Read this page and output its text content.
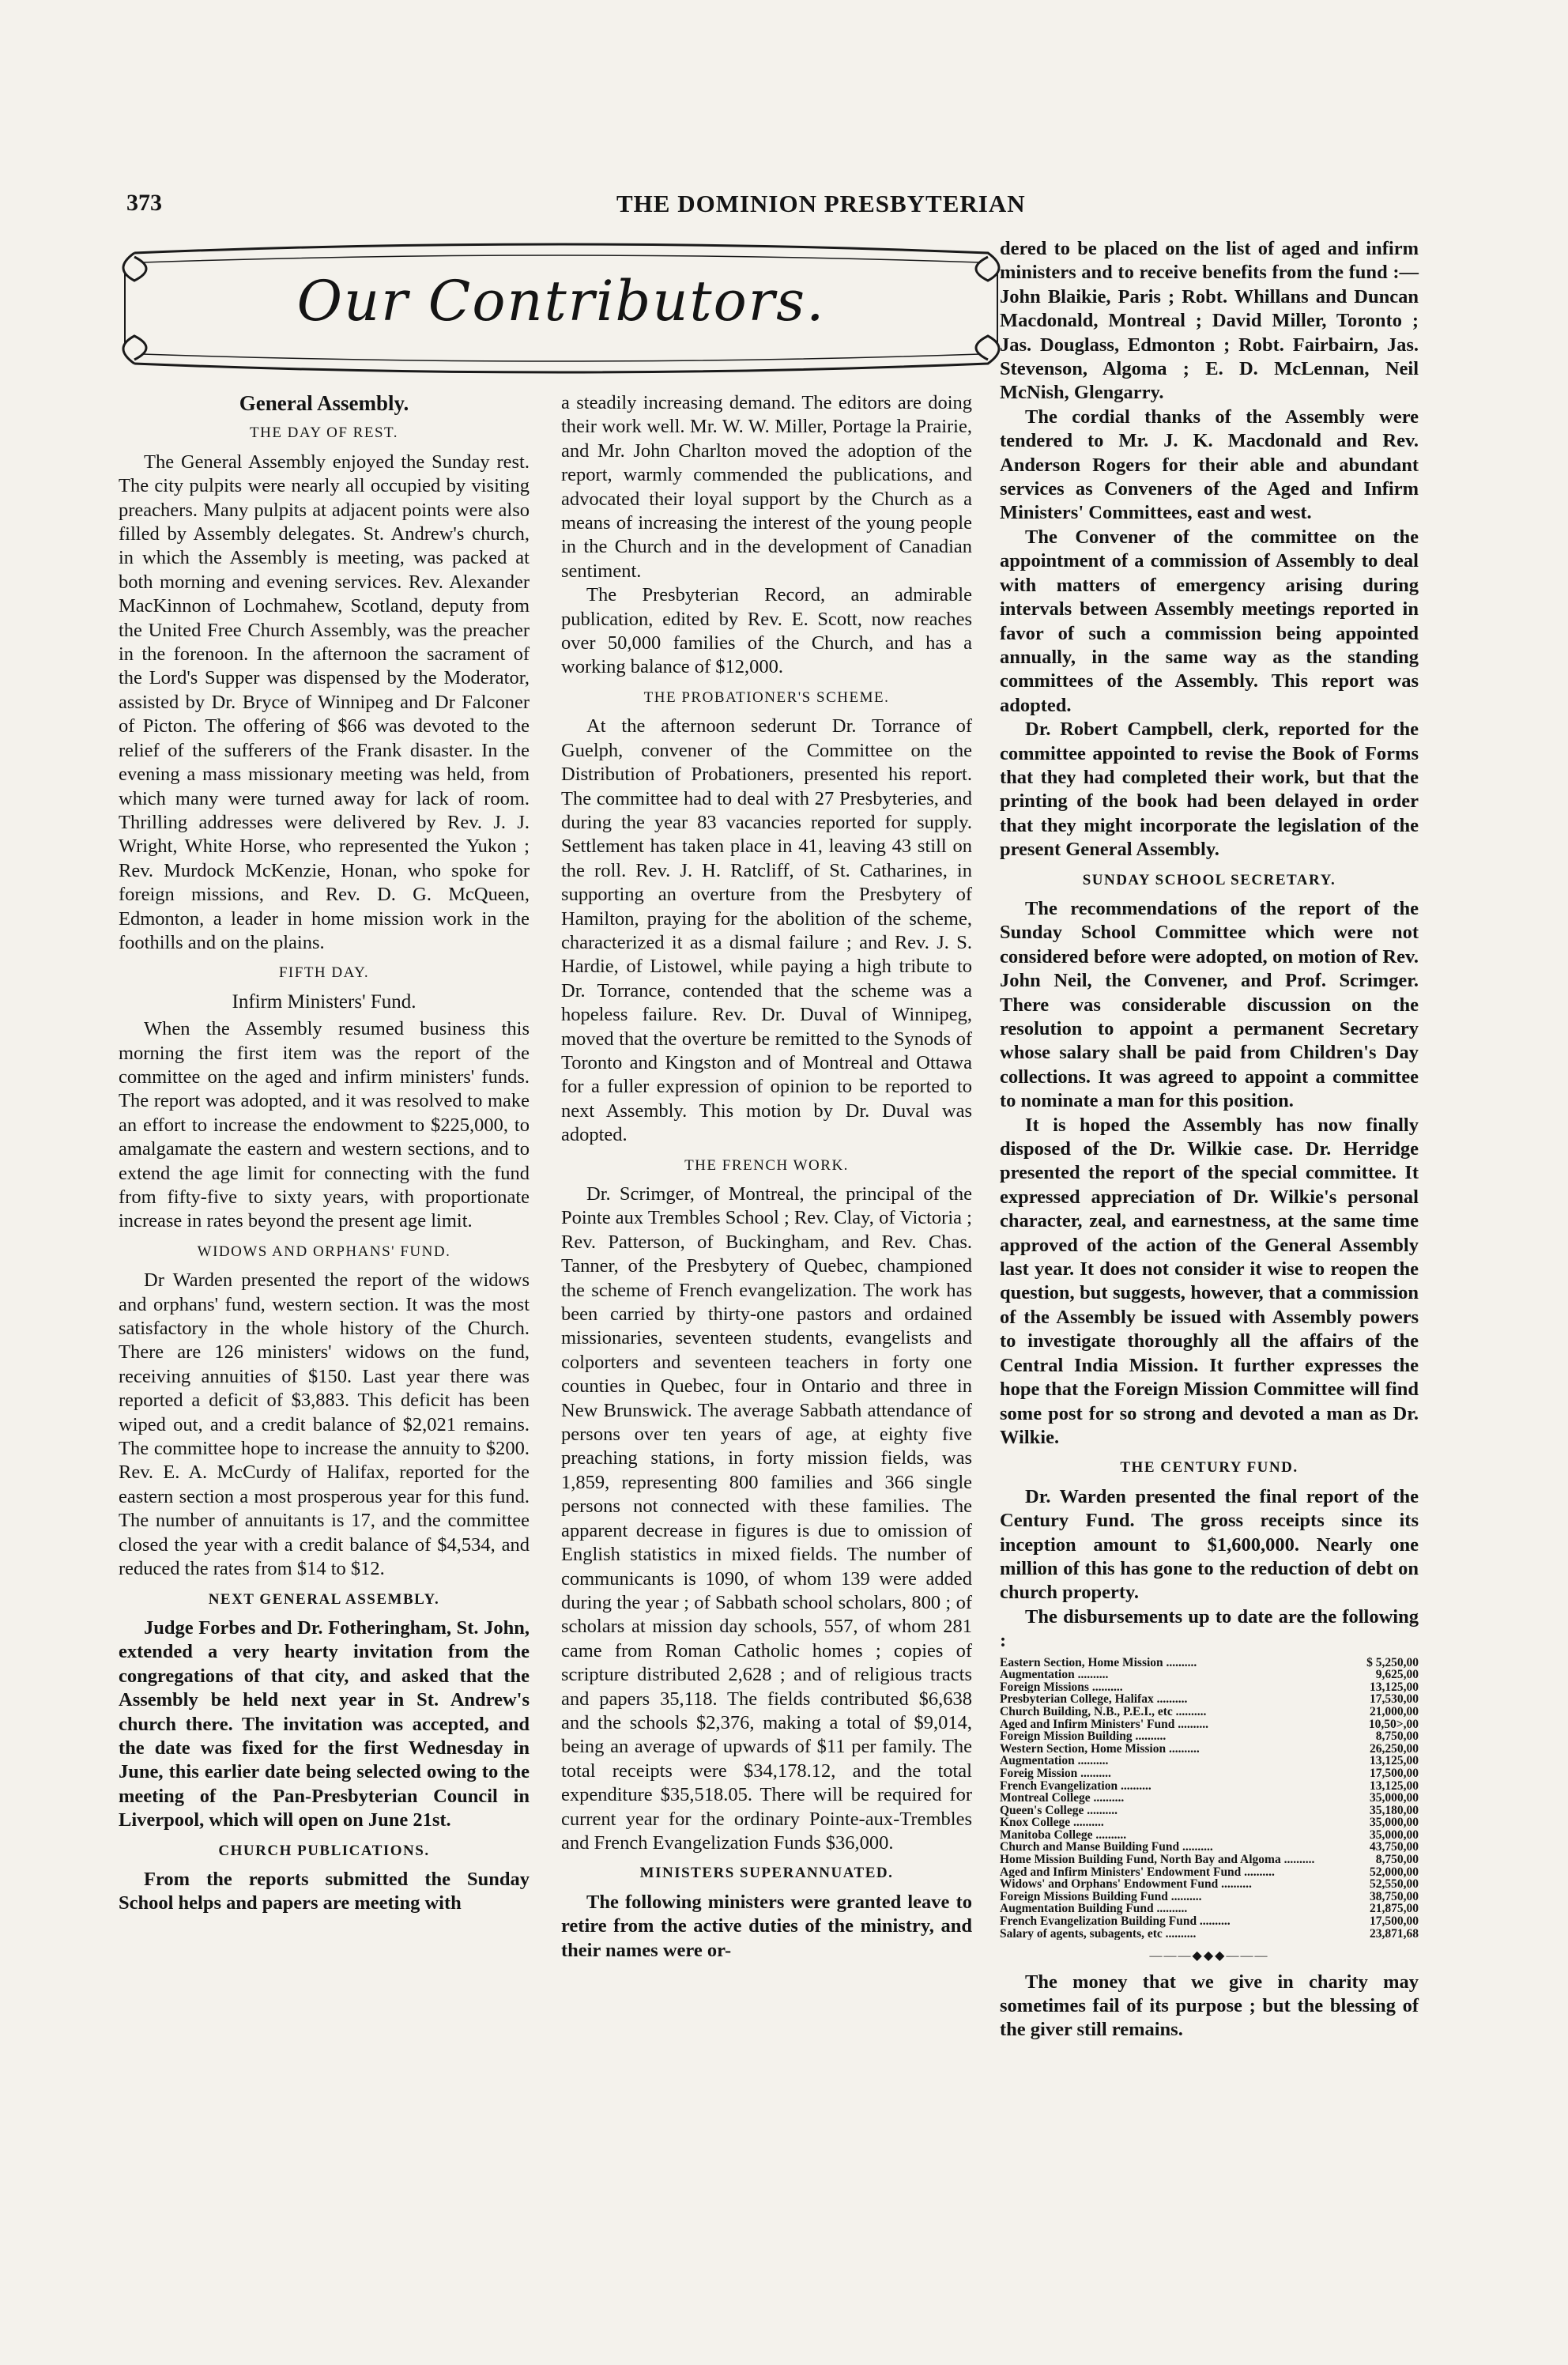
373	THE DOMINION PRESBYTERIAN
Our Contributors.
General Assembly.
THE DAY OF REST.

The General Assembly enjoyed the Sunday rest. The city pulpits were nearly all occupied by visiting preachers. Many pulpits at adjacent points were also filled by Assembly delegates. St. Andrew's church, in which the Assembly is meeting, was packed at both morning and evening services. Rev. Alexander MacKinnon of Lochmahew, Scotland, deputy from the United Free Church Assembly, was the preacher in the forenoon. In the afternoon the sacrament of the Lord's Supper was dispensed by the Moderator, assisted by Dr. Bryce of Winnipeg and Dr Falconer of Picton. The offering of $66 was devoted to the relief of the sufferers of the Frank disaster. In the evening a mass missionary meeting was held, from which many were turned away for lack of room. Thrilling addresses were delivered by Rev. J. J. Wright, White Horse, who represented the Yukon ; Rev. Murdock McKenzie, Honan, who spoke for foreign missions, and Rev. D. G. McQueen, Edmonton, a leader in home mission work in the foothills and on the plains.

FIFTH DAY.
Infirm Ministers' Fund.

When the Assembly resumed business this morning the first item was the report of the committee on the aged and infirm ministers' funds. The report was adopted, and it was resolved to make an effort to increase the endowment to $225,000, to amalgamate the eastern and western sections, and to extend the age limit for connecting with the fund from fifty-five to sixty years, with proportionate increase in rates beyond the present age limit.

WIDOWS AND ORPHANS' FUND.

Dr Warden presented the report of the widows and orphans' fund, western section. It was the most satisfactory in the whole history of the Church. There are 126 ministers' widows on the fund, receiving annuities of $150. Last year there was reported a deficit of $3,883. This deficit has been wiped out, and a credit balance of $2,021 remains. The committee hope to increase the annuity to $200. Rev. E. A. McCurdy of Halifax, reported for the eastern section a most prosperous year for this fund. The number of annuitants is 17, and the committee closed the year with a credit balance of $4,534, and reduced the rates from $14 to $12.

NEXT GENERAL ASSEMBLY.

Judge Forbes and Dr. Fotheringham, St. John, extended a very hearty invitation from the congregations of that city, and asked that the Assembly be held next year in St. Andrew's church there. The invitation was accepted, and the date was fixed for the first Wednesday in June, this earlier date being selected owing to the meeting of the Pan-Presbyterian Council in Liverpool, which will open on June 21st.

CHURCH PUBLICATIONS.

From the reports submitted the Sunday School helps and papers are meeting with

a steadily increasing demand. The editors are doing their work well. Mr. W. W. Miller, Portage la Prairie, and Mr. John Charlton moved the adoption of the report, warmly commended the publications, and advocated their loyal support by the Church as a means of increasing the interest of the young people in the Church and in the development of Canadian sentiment.

The Presbyterian Record, an admirable publication, edited by Rev. E. Scott, now reaches over 50,000 families of the Church, and has a working balance of $12,000.

THE PROBATIONER'S SCHEME.

At the afternoon sederunt Dr. Torrance of Guelph, convener of the Committee on the Distribution of Probationers, presented his report. The committee had to deal with 27 Presbyteries, and during the year 83 vacancies reported for supply. Settlement has taken place in 41, leaving 43 still on the roll. Rev. J. H. Ratcliff, of St. Catharines, in supporting an overture from the Presbytery of Hamilton, praying for the abolition of the scheme, characterized it as a dismal failure ; and Rev. J. S. Hardie, of Listowel, while paying a high tribute to Dr. Torrance, contended that the scheme was a hopeless failure. Rev. Dr. Duval of Winnipeg, moved that the overture be remitted to the Synods of Toronto and Kingston and of Montreal and Ottawa for a fuller expression of opinion to be reported to next Assembly. This motion by Dr. Duval was adopted.

THE FRENCH WORK.

Dr. Scrimger, of Montreal, the principal of the Pointe aux Trembles School ; Rev. Clay, of Victoria ; Rev. Patterson, of Buckingham, and Rev. Chas. Tanner, of the Presbytery of Quebec, championed the scheme of French evangelization. The work has been carried by thirty-one pastors and ordained missionaries, seventeen students, evangelists and colporters and seventeen teachers in forty one counties in Quebec, four in Ontario and three in New Brunswick. The average Sabbath attendance of persons over ten years of age, at eighty five preaching stations, in forty mission fields, was 1,859, representing 800 families and 366 single persons not connected with these families. The apparent decrease in figures is due to omission of English statistics in mixed fields. The number of communicants is 1090, of whom 139 were added during the year ; of Sabbath school scholars, 800 ; of scholars at mission day schools, 557, of whom 281 came from Roman Catholic homes ; copies of scripture distributed 2,628 ; and of religious tracts and papers 35,118. The fields contributed $6,638 and the schools $2,376, making a total of $9,014, being an average of upwards of $11 per family. The total receipts were $34,178.12, and the total expenditure $35,518.05. There will be required for current year for the ordinary Pointe-aux-Trembles and French Evangelization Funds $36,000.

MINISTERS SUPERANNUATED.

The following ministers were granted leave to retire from the active duties of the ministry, and their names were or-

dered to be placed on the list of aged and infirm ministers and to receive benefits from the fund :—John Blaikie, Paris ; Robt. Whillans and Duncan Macdonald, Montreal ; David Miller, Toronto ; Jas. Douglass, Edmonton ; Robt. Fairbairn, Jas. Stevenson, Algoma ; E. D. McLennan, Neil McNish, Glengarry.

The cordial thanks of the Assembly were tendered to Mr. J. K. Macdonald and Rev. Anderson Rogers for their able and abundant services as Conveners of the Aged and Infirm Ministers' Committees, east and west.

The Convener of the committee on the appointment of a commission of Assembly to deal with matters of emergency arising during intervals between Assembly meetings reported in favor of such a commission being appointed annually, in the same way as the standing committees of the Assembly. This report was adopted.

Dr. Robert Campbell, clerk, reported for the committee appointed to revise the Book of Forms that they had completed their work, but that the printing of the book had been delayed in order that they might incorporate the legislation of the present General Assembly.

SUNDAY SCHOOL SECRETARY.

The recommendations of the report of the Sunday School Committee which were not considered before were adopted, on motion of Rev. John Neil, the Convener, and Prof. Scrimger. There was considerable discussion on the resolution to appoint a permanent Secretary whose salary shall be paid from Children's Day collections. It was agreed to appoint a committee to nominate a man for this position.

It is hoped the Assembly has now finally disposed of the Dr. Wilkie case. Dr. Herridge presented the report of the special committee. It expressed appreciation of Dr. Wilkie's personal character, zeal, and earnestness, at the same time approved of the action of the General Assembly last year. It does not consider it wise to reopen the question, but suggests, however, that a commission of the Assembly be issued with Assembly powers to investigate thoroughly all the affairs of the Central India Mission. It further expresses the hope that the Foreign Mission Committee will find some post for so strong and devoted a man as Dr. Wilkie.

THE CENTURY FUND.

Dr. Warden presented the final report of the Century Fund. The gross receipts since its inception amount to $1,600,000. Nearly one million of this has gone to the reduction of debt on church property.

The disbursements up to date are the following :

Eastern Section, Home Mission ..........	$ 5,250,00
Augmentation ..........	9,625,00
Foreign Missions ..........	13,125,00
Presbyterian College, Halifax ..........	17,530,00
Church Building, N.B., P.E.I., etc ..........	21,000,00
Aged and Infirm Ministers' Fund ..........	10,50>,00
Foreign Mission Building ..........	8,750,00
Western Section, Home Mission ..........	26,250,00
Augmentation ..........	13,125,00
Foreig Mission ..........	17,500,00
French Evangelization ..........	13,125,00
Montreal College ..........	35,000,00
Queen's College ..........	35,180,00
Knox College ..........	35,000,00
Manitoba College ..........	35,000,00
Church and Manse Building Fund ..........	43,750,00
Home Mission Building Fund, North Bay and Algoma ..........	8,750,00
Aged and Infirm Ministers' Endowment Fund ..........	52,000,00
Widows' and Orphans' Endowment Fund ..........	52,550,00
Foreign Missions Building Fund ..........	38,750,00
Augmentation Building Fund ..........	21,875,00
French Evangelization Building Fund ..........	17,500,00
Salary of agents, subagents, etc ..........	23,871,68
———◆◆◆———

The money that we give in charity may sometimes fail of its purpose ; but the blessing of the giver still remains.
